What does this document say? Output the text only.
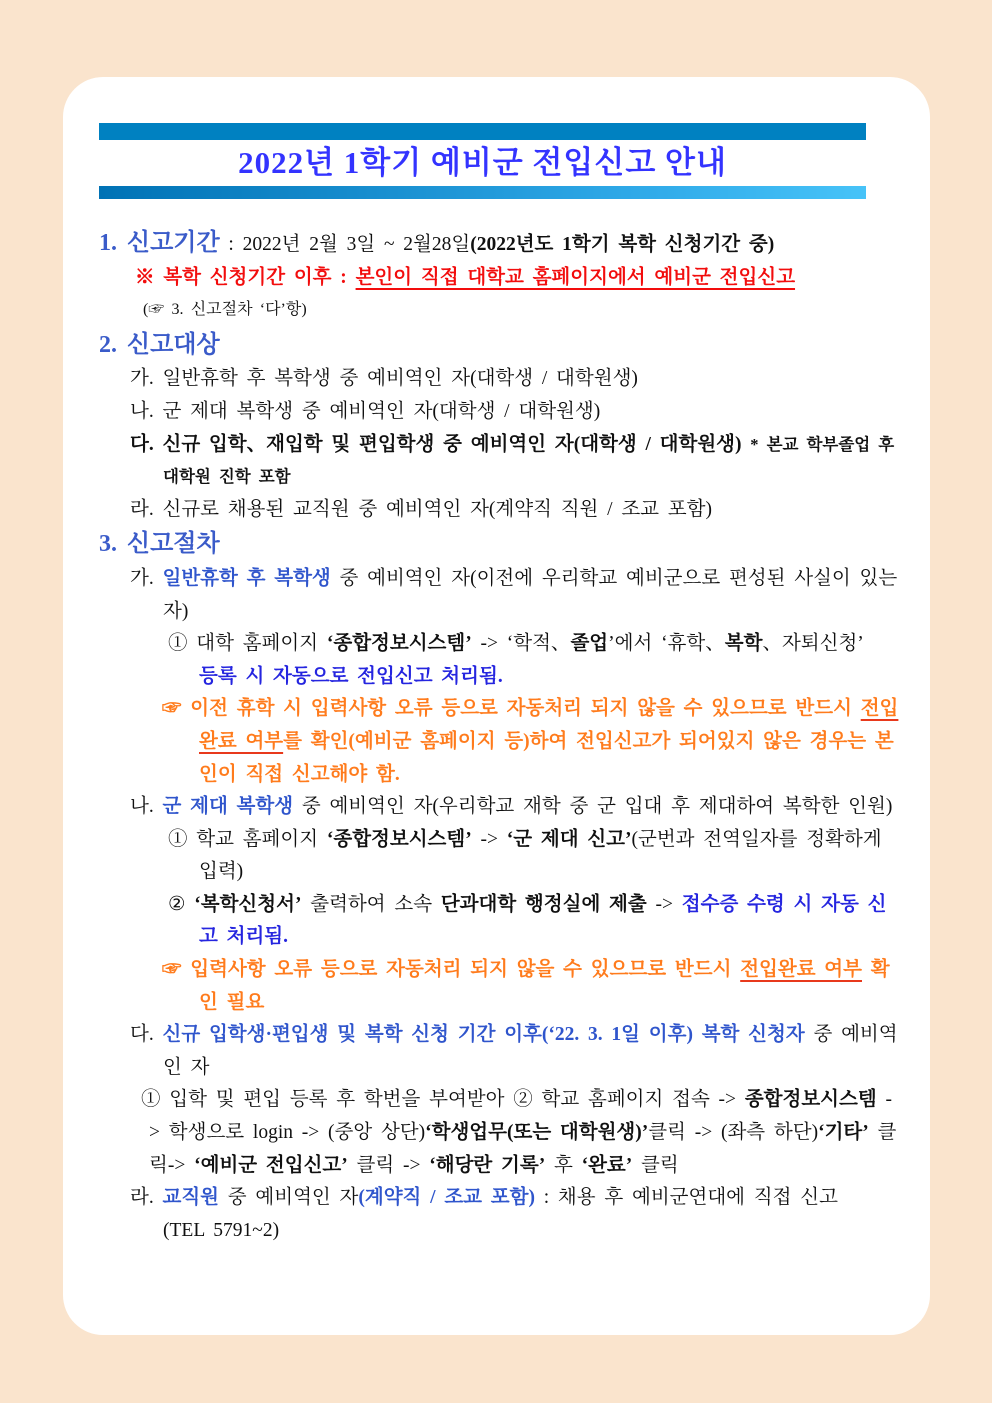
2022년 1학기 예비군 전입신고 안내

1. 신고기간 : 2022년 2월 3일 ~ 2월28일(2022년도 1학기 복학 신청기간 중)

※ 복학 신청기간 이후 : 본인이 직접 대학교 홈페이지에서 예비군 전입신고

(☞ 3. 신고절차 ‘다’항)

2. 신고대상

가. 일반휴학 후 복학생 중 예비역인 자(대학생 / 대학원생)

나. 군 제대 복학생 중 예비역인 자(대학생 / 대학원생)

다. 신규 입학、재입학 및 편입학생 중 예비역인 자(대학생 / 대학원생) * 본교 학부졸업 후 대학원 진학 포함

라. 신규로 채용된 교직원 중 예비역인 자(계약직 직원 / 조교 포함)

3. 신고절차

가. 일반휴학 후 복학생 중 예비역인 자(이전에 우리학교 예비군으로 편성된 사실이 있는 자)

① 대학 홈페이지 ‘종합정보시스템’ -> ‘학적、졸업’에서 ‘휴학、복학、자퇴신청’
등록 시 자동으로 전입신고 처리됨.

☞ 이전 휴학 시 입력사항 오류 등으로 자동처리 되지 않을 수 있으므로 반드시 전입완료 여부를 확인(예비군 홈페이지 등)하여 전입신고가 되어있지 않은 경우는 본인이 직접 신고해야 함.

나. 군 제대 복학생 중 예비역인 자(우리학교 재학 중 군 입대 후 제대하여 복학한 인원)

① 학교 홈페이지 ‘종합정보시스템’ -> ‘군 제대 신고’(군번과 전역일자를 정확하게 입력)

② ‘복학신청서’ 출력하여 소속 단과대학 행정실에 제출 -> 접수증 수령 시 자동 신고 처리됨.

☞ 입력사항 오류 등으로 자동처리 되지 않을 수 있으므로 반드시 전입완료 여부 확인 필요

다. 신규 입학생·편입생 및 복학 신청 기간 이후(‘22. 3. 1일 이후) 복학 신청자 중 예비역인 자

① 입학 및 편입 등록 후 학번을 부여받아 ② 학교 홈페이지 접속 -> 종합정보시스템 -> 학생으로 login -> (중앙 상단)‘학생업무(또는 대학원생)’클릭 -> (좌측 하단)‘기타’ 클릭-> ‘예비군 전입신고’ 클릭 -> ‘해당란 기록’ 후 ‘완료’ 클릭

라. 교직원 중 예비역인 자(계약직 / 조교 포함) : 채용 후 예비군연대에 직접 신고
(TEL 5791~2)
